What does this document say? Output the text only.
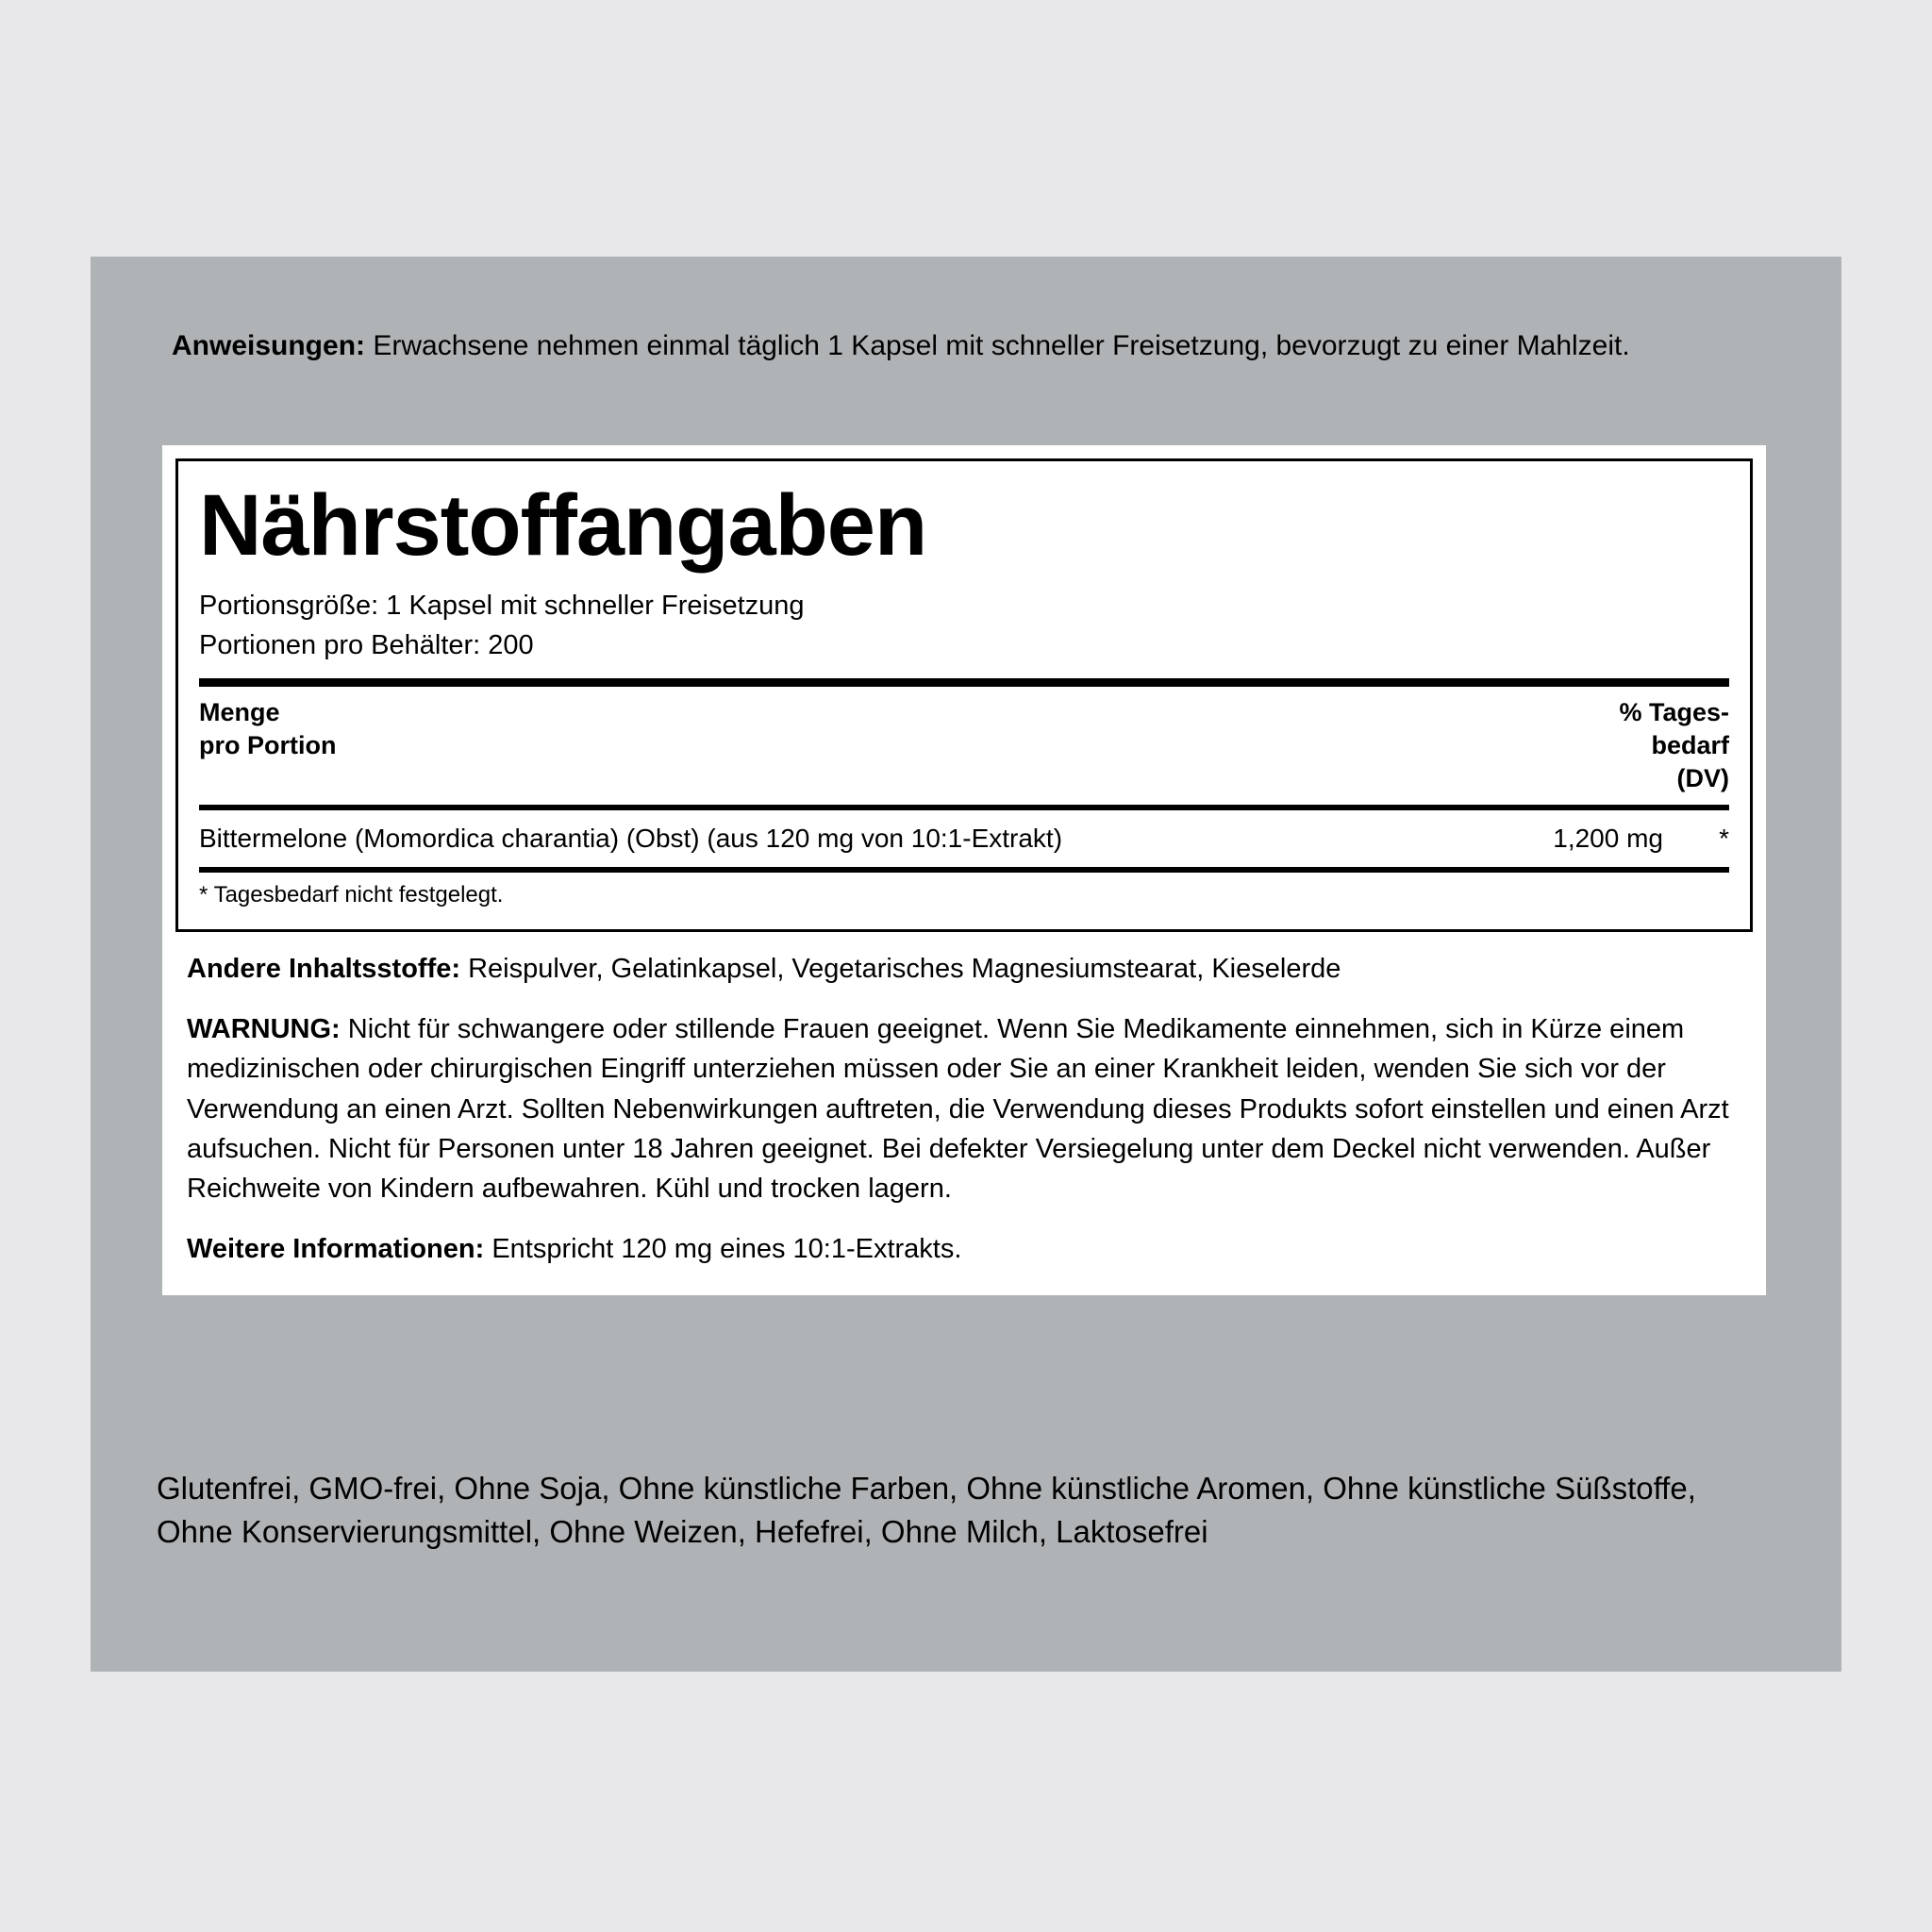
Anweisungen: Erwachsene nehmen einmal täglich 1 Kapsel mit schneller Freisetzung, bevorzugt zu einer Mahlzeit.
Nährstoffangaben
Portionsgröße: 1 Kapsel mit schneller Freisetzung
Portionen pro Behälter: 200
Menge
pro Portion
% Tages-
bedarf
(DV)
Bittermelone (Momordica charantia) (Obst) (aus 120 mg von 10:1-Extrakt)	1,200 mg	*
* Tagesbedarf nicht festgelegt.
Andere Inhaltsstoffe: Reispulver, Gelatinkapsel, Vegetarisches Magnesiumstearat, Kieselerde
WARNUNG: Nicht für schwangere oder stillende Frauen geeignet. Wenn Sie Medikamente einnehmen, sich in Kürze einem medizinischen oder chirurgischen Eingriff unterziehen müssen oder Sie an einer Krankheit leiden, wenden Sie sich vor der Verwendung an einen Arzt. Sollten Nebenwirkungen auftreten, die Verwendung dieses Produkts sofort einstellen und einen Arzt aufsuchen. Nicht für Personen unter 18 Jahren geeignet. Bei defekter Versiegelung unter dem Deckel nicht verwenden. Außer Reichweite von Kindern aufbewahren. Kühl und trocken lagern.
Weitere Informationen: Entspricht 120 mg eines 10:1-Extrakts.
Glutenfrei, GMO-frei, Ohne Soja, Ohne künstliche Farben, Ohne künstliche Aromen, Ohne künstliche Süßstoffe, Ohne Konservierungsmittel, Ohne Weizen, Hefefrei, Ohne Milch, Laktosefrei
